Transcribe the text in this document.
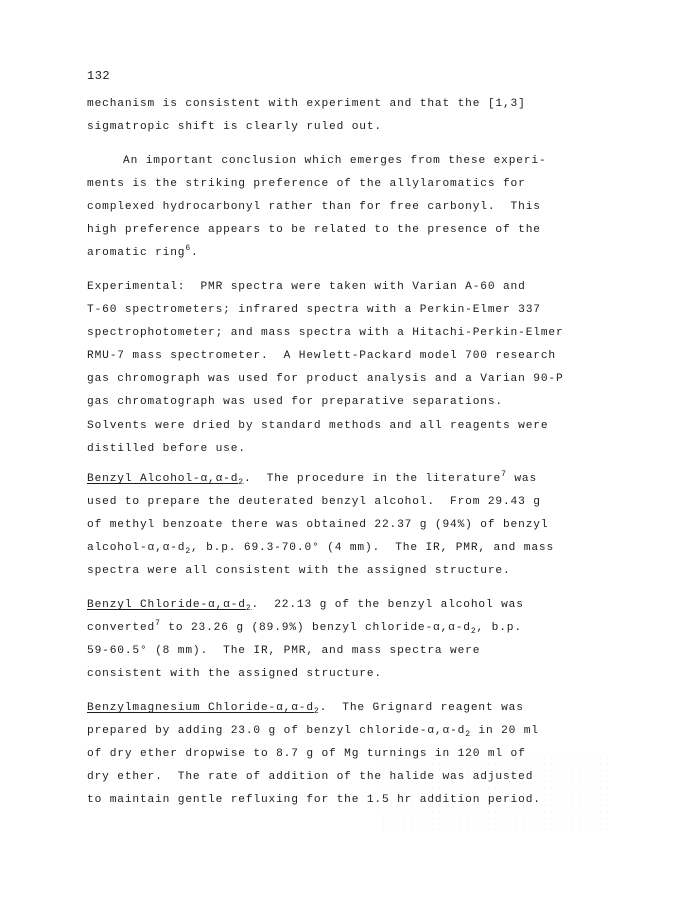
132
mechanism is consistent with experiment and that the [1,3]
sigmatropic shift is clearly ruled out.
An important conclusion which emerges from these experi-
ments is the striking preference of the allylaromatics for
complexed hydrocarbonyl rather than for free carbonyl.  This
high preference appears to be related to the presence of the
aromatic ring$^6$.
Experimental:  PMR spectra were taken with Varian A-60 and
T-60 spectrometers; infrared spectra with a Perkin-Elmer 337
spectrophotometer; and mass spectra with a Hitachi-Perkin-Elmer
RMU-7 mass spectrometer.  A Hewlett-Packard model 700 research
gas chromograph was used for product analysis and a Varian 90-P
gas chromatograph was used for preparative separations.
Solvents were dried by standard methods and all reagents were
distilled before use.
Benzyl Alcohol-$\alpha,\alpha-d_2$.  The procedure in the literature$^7$ was
used to prepare the deuterated benzyl alcohol.  From 29.43 g
of methyl benzoate there was obtained 22.37 g (94%) of benzyl
alcohol-$\alpha,\alpha-d_2$, b.p. 69.3-70.0° (4 mm).  The IR, PMR, and mass
spectra were all consistent with the assigned structure.
Benzyl Chloride-$\alpha,\alpha-d_2$.  22.13 g of the benzyl alcohol was
converted$^7$ to 23.26 g (89.9%) benzyl chloride-$\alpha,\alpha-d_2$, b.p.
59-60.5° (8 mm).  The IR, PMR, and mass spectra were
consistent with the assigned structure.
Benzylmagnesium Chloride-$\alpha,\alpha-d_2$.  The Grignard reagent was
prepared by adding 23.0 g of benzyl chloride-$\alpha,\alpha-d_2$ in 20 ml
of dry ether dropwise to 8.7 g of Mg turnings in 120 ml of
dry ether.  The rate of addition of the halide was adjusted
to maintain gentle refluxing for the 1.5 hr addition period.
